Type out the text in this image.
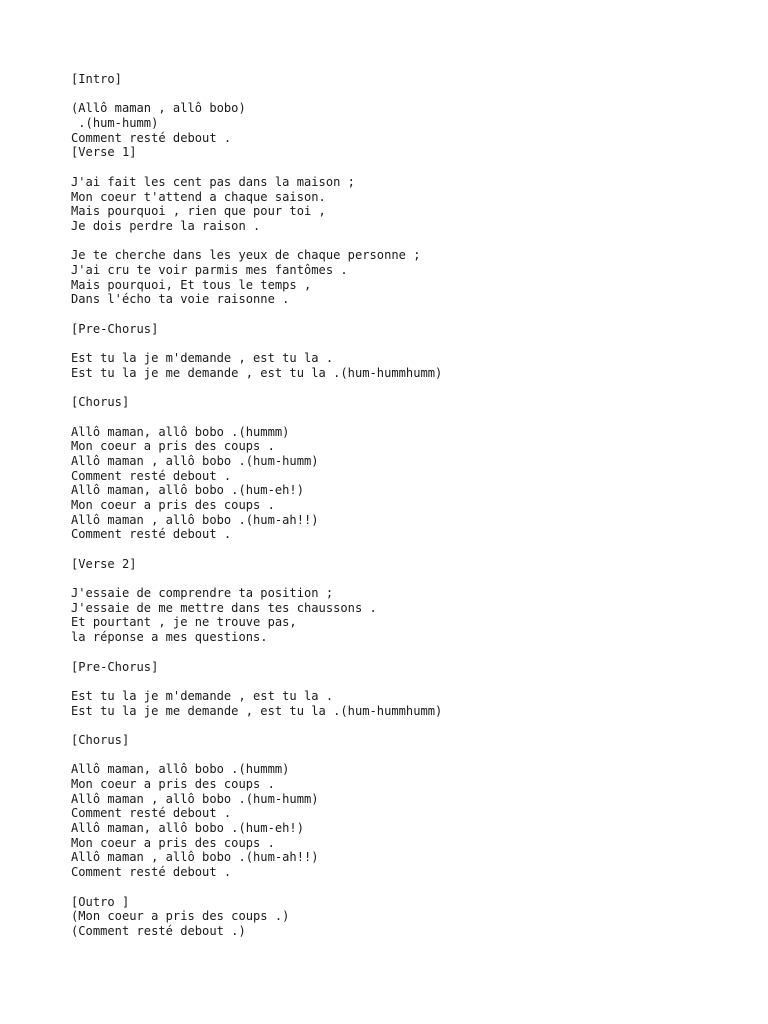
[Intro]
(Allô maman , allô bobo)
.(hum-humm)
Comment resté debout .
[Verse 1]
J'ai fait les cent pas dans la maison ;
Mon coeur t'attend a chaque saison.
Mais pourquoi , rien que pour toi ,
Je dois perdre la raison .
Je te cherche dans les yeux de chaque personne ;
J'ai cru te voir parmis mes fantômes .
Mais pourquoi, Et tous le temps ,
Dans l'écho ta voie raisonne .
[Pre-Chorus]
Est tu la je m'demande , est tu la .
Est tu la je me demande , est tu la .(hum-hummhumm)
[Chorus]
Allô maman, allô bobo .(hummm)
Mon coeur a pris des coups .
Allô maman , allô bobo .(hum-humm)
Comment resté debout .
Allô maman, allô bobo .(hum-eh!)
Mon coeur a pris des coups .
Allô maman , allô bobo .(hum-ah!!)
Comment resté debout .
[Verse 2]
J'essaie de comprendre ta position ;
J'essaie de me mettre dans tes chaussons .
Et pourtant , je ne trouve pas,
la réponse a mes questions.
[Pre-Chorus]
Est tu la je m'demande , est tu la .
Est tu la je me demande , est tu la .(hum-hummhumm)
[Chorus]
Allô maman, allô bobo .(hummm)
Mon coeur a pris des coups .
Allô maman , allô bobo .(hum-humm)
Comment resté debout .
Allô maman, allô bobo .(hum-eh!)
Mon coeur a pris des coups .
Allô maman , allô bobo .(hum-ah!!)
Comment resté debout .
[Outro ]
(Mon coeur a pris des coups .)
(Comment resté debout .)
